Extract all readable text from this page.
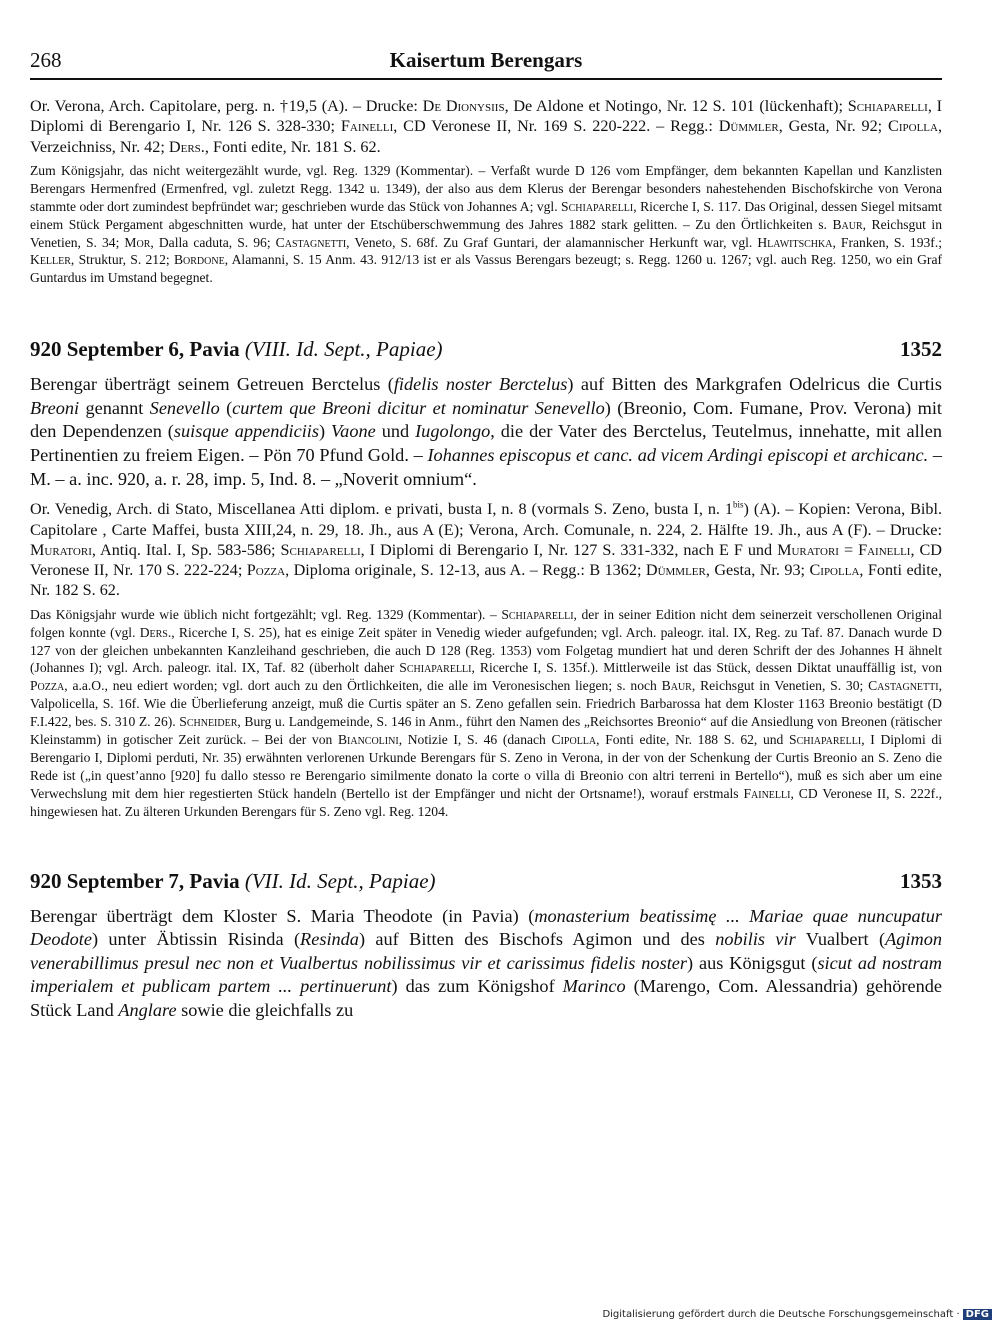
268	Kaisertum Berengars

Or. Verona, Arch. Capitolare, perg. n. †19,5 (A). – Drucke: De Dionysiis, De Aldone et Notingo, Nr. 12 S. 101 (lückenhaft); Schiaparelli, I Diplomi di Berengario I, Nr. 126 S. 328-330; Fainelli, CD Veronese II, Nr. 169 S. 220-222. – Regg.: Dümmler, Gesta, Nr. 92; Cipolla, Verzeichniss, Nr. 42; Ders., Fonti edite, Nr. 181 S. 62.

Zum Königsjahr, das nicht weitergezählt wurde, vgl. Reg. 1329 (Kommentar). – Verfaßt wurde D 126 vom Empfänger, dem bekannten Kapellan und Kanzlisten Berengars Hermenfred (Ermenfred, vgl. zuletzt Regg. 1342 u. 1349), der also aus dem Klerus der Berengar besonders nahestehenden Bischofskirche von Verona stammte oder dort zumindest bepfründet war; geschrieben wurde das Stück von Johannes A; vgl. Schiaparelli, Ricerche I, S. 117. Das Original, dessen Siegel mitsamt einem Stück Pergament abgeschnitten wurde, hat unter der Etschüberschwemmung des Jahres 1882 stark gelitten. – Zu den Örtlichkeiten s. Baur, Reichsgut in Venetien, S. 34; Mor, Dalla caduta, S. 96; Castagnetti, Veneto, S. 68f. Zu Graf Guntari, der alamannischer Herkunft war, vgl. Hlawitschka, Franken, S. 193f.; Keller, Struktur, S. 212; Bordone, Alamanni, S. 15 Anm. 43. 912/13 ist er als Vassus Berengars bezeugt; s. Regg. 1260 u. 1267; vgl. auch Reg. 1250, wo ein Graf Guntardus im Umstand begegnet.

920 September 6, Pavia (VIII. Id. Sept., Papiae)	1352

Berengar überträgt seinem Getreuen Berctelus (fidelis noster Berctelus) auf Bitten des Markgrafen Odelricus die Curtis Breoni genannt Senevello (curtem que Breoni dicitur et nominatur Senevello) (Breonio, Com. Fumane, Prov. Verona) mit den Dependenzen (suisque appendiciis) Vaone und Iugolongo, die der Vater des Berctelus, Teutelmus, innehatte, mit allen Pertinentien zu freiem Eigen. – Pön 70 Pfund Gold. – Iohannes episcopus et canc. ad vicem Ardingi episcopi et archicanc. – M. – a. inc. 920, a. r. 28, imp. 5, Ind. 8. – „Noverit omnium“.

Or. Venedig, Arch. di Stato, Miscellanea Atti diplom. e privati, busta I, n. 8 (vormals S. Zeno, busta I, n. $1^{bis}$) (A). – Kopien: Verona, Bibl. Capitolare , Carte Maffei, busta XIII,24, n. 29, 18. Jh., aus A (E); Verona, Arch. Comunale, n. 224, 2. Hälfte 19. Jh., aus A (F). – Drucke: Muratori, Antiq. Ital. I, Sp. 583-586; Schiaparelli, I Diplomi di Berengario I, Nr. 127 S. 331-332, nach E F und Muratori = Fainelli, CD Veronese II, Nr. 170 S. 222-224; Pozza, Diploma originale, S. 12-13, aus A. – Regg.: B 1362; Dümmler, Gesta, Nr. 93; Cipolla, Fonti edite, Nr. 182 S. 62.

Das Königsjahr wurde wie üblich nicht fortgezählt; vgl. Reg. 1329 (Kommentar). – Schiaparelli, der in seiner Edition nicht dem seinerzeit verschollenen Original folgen konnte (vgl. Ders., Ricerche I, S. 25), hat es einige Zeit später in Venedig wieder aufgefunden; vgl. Arch. paleogr. ital. IX, Reg. zu Taf. 87. Danach wurde D 127 von der gleichen unbekannten Kanzleihand geschrieben, die auch D 128 (Reg. 1353) vom Folgetag mundiert hat und deren Schrift der des Johannes H ähnelt (Johannes I); vgl. Arch. paleogr. ital. IX, Taf. 82 (überholt daher Schiaparelli, Ricerche I, S. 135f.). Mittlerweile ist das Stück, dessen Diktat unauffällig ist, von Pozza, a.a.O., neu ediert worden; vgl. dort auch zu den Örtlichkeiten, die alle im Veronesischen liegen; s. noch Baur, Reichsgut in Venetien, S. 30; Castagnetti, Valpolicella, S. 16f. Wie die Überlieferung anzeigt, muß die Curtis später an S. Zeno gefallen sein. Friedrich Barbarossa hat dem Kloster 1163 Breonio bestätigt (D F.I.422, bes. S. 310 Z. 26). Schneider, Burg u. Landgemeinde, S. 146 in Anm., führt den Namen des „Reichsortes Breonio“ auf die Ansiedlung von Breonen (rätischer Kleinstamm) in gotischer Zeit zurück. – Bei der von Biancolini, Notizie I, S. 46 (danach Cipolla, Fonti edite, Nr. 188 S. 62, und Schiaparelli, I Diplomi di Berengario I, Diplomi perduti, Nr. 35) erwähnten verlorenen Urkunde Berengars für S. Zeno in Verona, in der von der Schenkung der Curtis Breonio an S. Zeno die Rede ist („in quest’anno [920] fu dallo stesso re Berengario similmente donato la corte o villa di Breonio con altri terreni in Bertello“), muß es sich aber um eine Verwechslung mit dem hier regestierten Stück handeln (Bertello ist der Empfänger und nicht der Ortsname!), worauf erstmals Fainelli, CD Veronese II, S. 222f., hingewiesen hat. Zu älteren Urkunden Berengars für S. Zeno vgl. Reg. 1204.

920 September 7, Pavia (VII. Id. Sept., Papiae)	1353

Berengar überträgt dem Kloster S. Maria Theodote (in Pavia) (monasterium beatissimę ... Mariae quae nuncupatur Deodote) unter Äbtissin Risinda (Resinda) auf Bitten des Bischofs Agimon und des nobilis vir Vualbert (Agimon venerabillimus presul nec non et Vualbertus nobilissimus vir et carissimus fidelis noster) aus Königsgut (sicut ad nostram imperialem et publicam partem ... pertinuerunt) das zum Königshof Marinco (Marengo, Com. Alessandria) gehörende Stück Land Anglare sowie die gleichfalls zu

Digitalisierung gefördert durch die Deutsche Forschungsgemeinschaft · DFG
